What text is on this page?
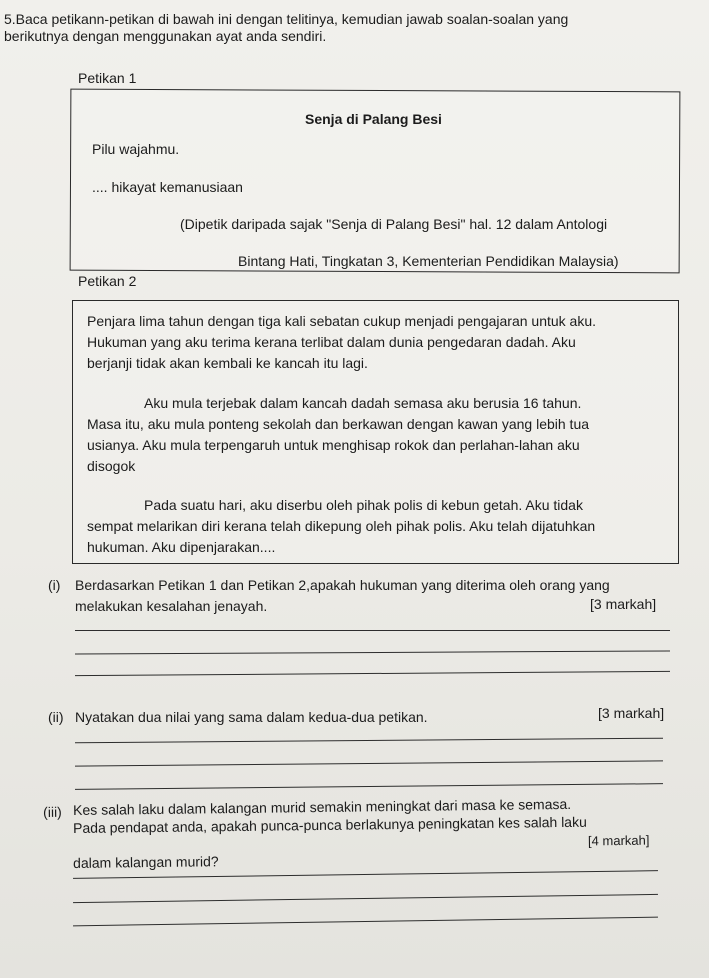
5.Baca petikann-petikan di bawah ini dengan telitinya, kemudian jawab soalan-soalan yang
berikutnya dengan menggunakan ayat anda sendiri.
Petikan 1
Senja di Palang Besi
Pilu wajahmu.
.... hikayat kemanusiaan
(Dipetik daripada sajak "Senja di Palang Besi" hal. 12 dalam Antologi
Bintang Hati, Tingkatan 3, Kementerian Pendidikan Malaysia)
Petikan 2
Penjara lima tahun dengan tiga kali sebatan cukup menjadi pengajaran untuk aku.
Hukuman yang aku terima kerana terlibat dalam dunia pengedaran dadah. Aku
berjanji tidak akan kembali ke kancah itu lagi.
Aku mula terjebak dalam kancah dadah semasa aku berusia 16 tahun.
Masa itu, aku mula ponteng sekolah dan berkawan dengan kawan yang lebih tua
usianya. Aku mula terpengaruh untuk menghisap rokok dan perlahan-lahan aku
disogok
Pada suatu hari, aku diserbu oleh pihak polis di kebun getah. Aku tidak
sempat melarikan diri kerana telah dikepung oleh pihak polis. Aku telah dijatuhkan
hukuman. Aku dipenjarakan....
(i) Berdasarkan Petikan 1 dan Petikan 2,apakah hukuman yang diterima oleh orang yang
melakukan kesalahan jenayah.	[3 markah]
(ii) Nyatakan dua nilai yang sama dalam kedua-dua petikan.	[3 markah]
(iii) Kes salah laku dalam kalangan murid semakin meningkat dari masa ke semasa.
Pada pendapat anda, apakah punca-punca berlakunya peningkatan kes salah laku
[4 markah]
dalam kalangan murid?
